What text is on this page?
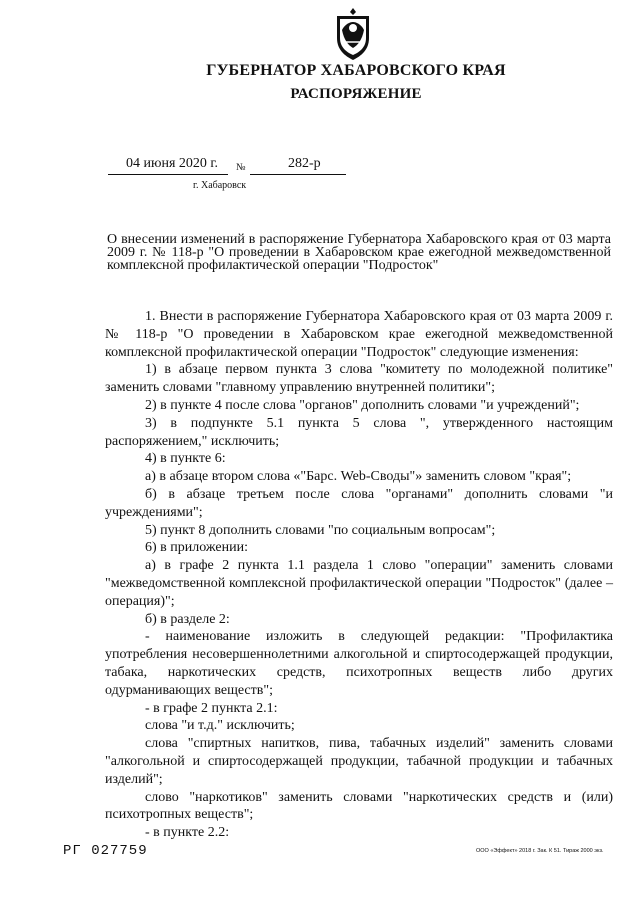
ГУБЕРНАТОР ХАБАРОВСКОГО КРАЯ
РАСПОРЯЖЕНИЕ
04 июня 2020 г. №	282-р
г. Хабаровск
О внесении изменений в распоряжение Губернатора Хабаровского края от 03 марта 2009 г. № 118-р "О проведении в Хабаровском крае ежегодной межведомственной комплексной профилактической операции "Подросток"

1. Внести в распоряжение Губернатора Хабаровского края от 03 марта 2009 г. № 118-р "О проведении в Хабаровском крае ежегодной межведомственной комплексной профилактической операции "Подросток" следующие изменения:

1) в абзаце первом пункта 3 слова "комитету по молодежной политике" заменить словами "главному управлению внутренней политики";

2) в пункте 4 после слова "органов" дополнить словами "и учреждений";

3) в подпункте 5.1 пункта 5 слова ", утвержденного настоящим распоряжением," исключить;

4) в пункте 6:

а) в абзаце втором слова «"Барс. Web-Своды"» заменить словом "края";

б) в абзаце третьем после слова "органами" дополнить словами "и учреждениями";

5) пункт 8 дополнить словами "по социальным вопросам";

6) в приложении:

а) в графе 2 пункта 1.1 раздела 1 слово "операции" заменить словами "межведомственной комплексной профилактической операции "Подросток" (далее – операция)";

б) в разделе 2:

- наименование изложить в следующей редакции: "Профилактика употребления несовершеннолетними алкогольной и спиртосодержащей продукции, табака, наркотических средств, психотропных веществ либо других одурманивающих веществ";

- в графе 2 пункта 2.1:

слова "и т.д." исключить;

слова "спиртных напитков, пива, табачных изделий" заменить словами "алкогольной и спиртосодержащей продукции, табачной продукции и табачных изделий";

слово "наркотиков" заменить словами "наркотических средств и (или) психотропных веществ";

- в пункте 2.2:

РГ 027759	ООО «Эффект» 2018 г. Зак. К 51. Тираж 2000 экз.
